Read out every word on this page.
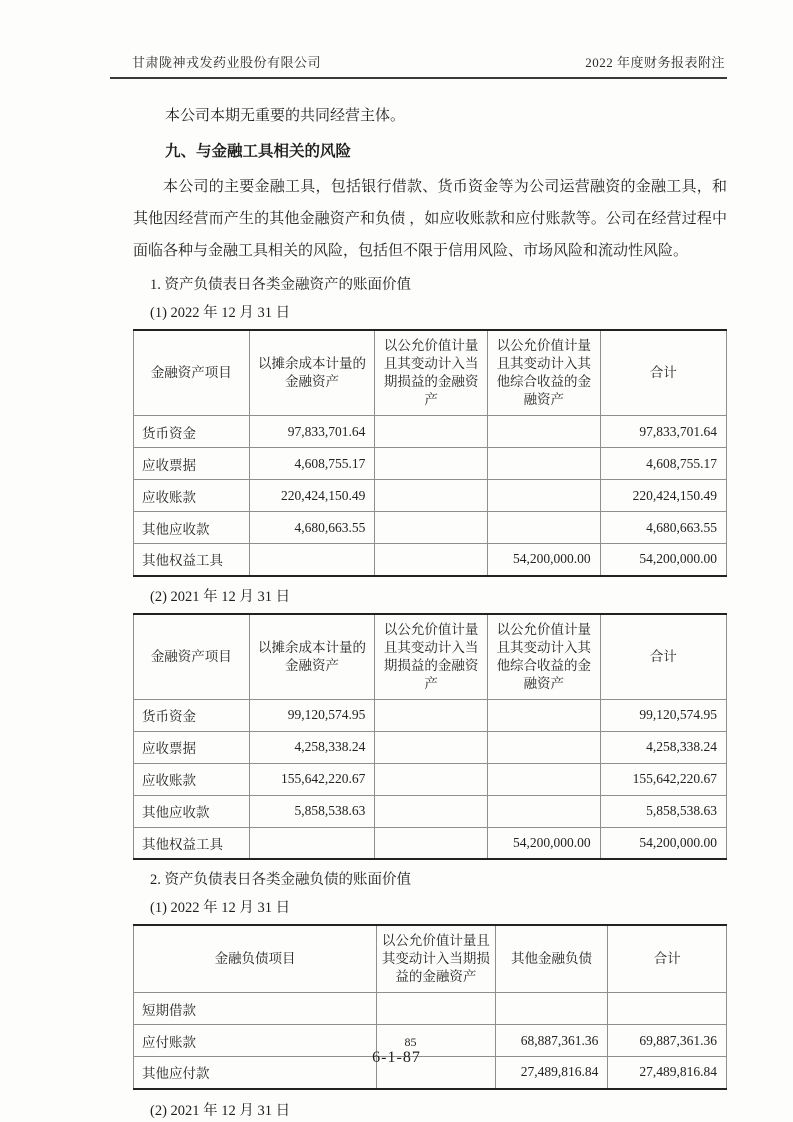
甘肃陇神戎发药业股份有限公司	2022 年度财务报表附注

本公司本期无重要的共同经营主体。

九、与金融工具相关的风险

本公司的主要金融工具，包括银行借款、货币资金等为公司运营融资的金融工具，和其他因经营而产生的其他金融资产和负债 ，如应收账款和应付账款等。公司在经营过程中面临各种与金融工具相关的风险，包括但不限于信用风险、市场风险和流动性风险。

1. 资产负债表日各类金融资产的账面价值

(1) 2022 年 12 月 31 日

金融资产项目	以摊余成本计量的金融资产	以公允价值计量且其变动计入当期损益的金融资产	以公允价值计量且其变动计入其他综合收益的金融资产	合计
货币资金	97,833,701.64			97,833,701.64
应收票据	4,608,755.17			4,608,755.17
应收账款	220,424,150.49			220,424,150.49
其他应收款	4,680,663.55			4,680,663.55
其他权益工具			54,200,000.00	54,200,000.00

(2) 2021 年 12 月 31 日

金融资产项目	以摊余成本计量的金融资产	以公允价值计量且其变动计入当期损益的金融资产	以公允价值计量且其变动计入其他综合收益的金融资产	合计
货币资金	99,120,574.95			99,120,574.95
应收票据	4,258,338.24			4,258,338.24
应收账款	155,642,220.67			155,642,220.67
其他应收款	5,858,538.63			5,858,538.63
其他权益工具			54,200,000.00	54,200,000.00

2. 资产负债表日各类金融负债的账面价值

(1) 2022 年 12 月 31 日

金融负债项目	以公允价值计量且其变动计入当期损益的金融资产	其他金融负债	合计
短期借款			
应付账款		68,887,361.36	69,887,361.36
其他应付款		27,489,816.84	27,489,816.84

(2) 2021 年 12 月 31 日

85
6-1-87
